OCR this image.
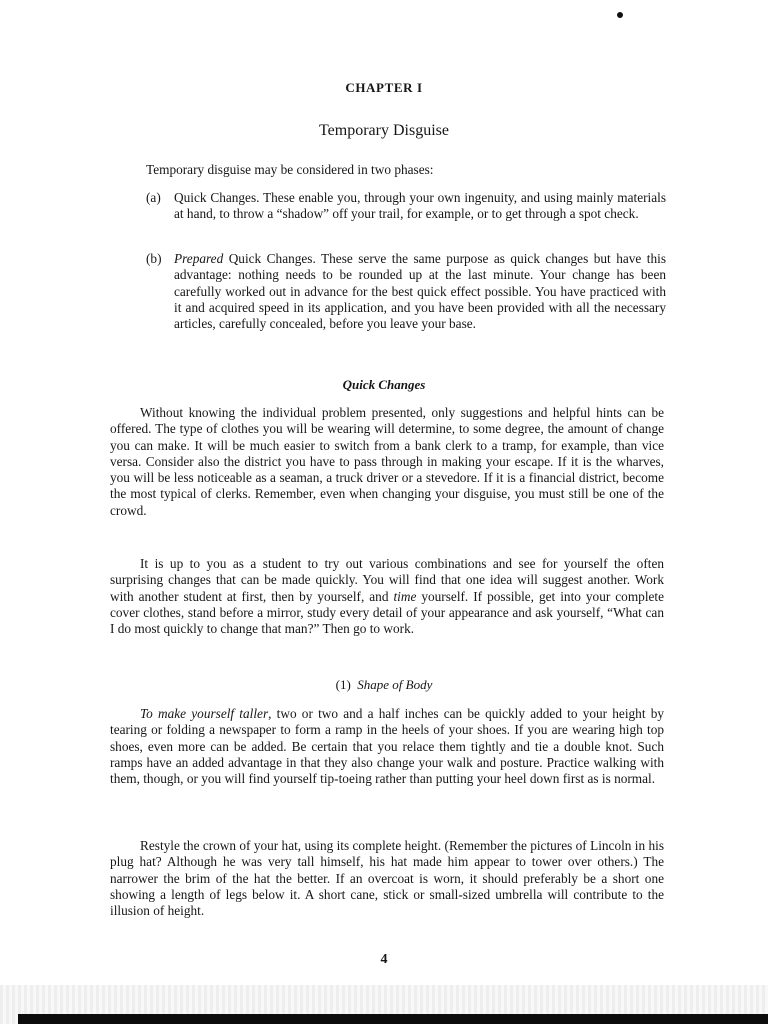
CHAPTER I
Temporary Disguise
Temporary disguise may be considered in two phases:
(a) Quick Changes. These enable you, through your own ingenuity, and using mainly materials at hand, to throw a “shadow” off your trail, for example, or to get through a spot check.
(b) Prepared Quick Changes. These serve the same purpose as quick changes but have this advantage: nothing needs to be rounded up at the last minute. Your change has been carefully worked out in advance for the best quick effect possible. You have practiced with it and acquired speed in its application, and you have been provided with all the necessary articles, carefully concealed, before you leave your base.
Quick Changes
Without knowing the individual problem presented, only suggestions and helpful hints can be offered. The type of clothes you will be wearing will determine, to some degree, the amount of change you can make. It will be much easier to switch from a bank clerk to a tramp, for example, than vice versa. Consider also the district you have to pass through in making your escape. If it is the wharves, you will be less noticeable as a seaman, a truck driver or a stevedore. If it is a financial district, become the most typical of clerks. Remember, even when changing your disguise, you must still be one of the crowd.
It is up to you as a student to try out various combinations and see for yourself the often surprising changes that can be made quickly. You will find that one idea will suggest another. Work with another student at first, then by yourself, and time yourself. If possible, get into your complete cover clothes, stand before a mirror, study every detail of your appearance and ask yourself, “What can I do most quickly to change that man?” Then go to work.
(1) Shape of Body
To make yourself taller, two or two and a half inches can be quickly added to your height by tearing or folding a newspaper to form a ramp in the heels of your shoes. If you are wearing high top shoes, even more can be added. Be certain that you relace them tightly and tie a double knot. Such ramps have an added advantage in that they also change your walk and posture. Practice walking with them, though, or you will find yourself tip-toeing rather than putting your heel down first as is normal.
Restyle the crown of your hat, using its complete height. (Remember the pictures of Lincoln in his plug hat? Although he was very tall himself, his hat made him appear to tower over others.) The narrower the brim of the hat the better. If an overcoat is worn, it should preferably be a short one showing a length of legs below it. A short cane, stick or small-sized umbrella will contribute to the illusion of height.
4
